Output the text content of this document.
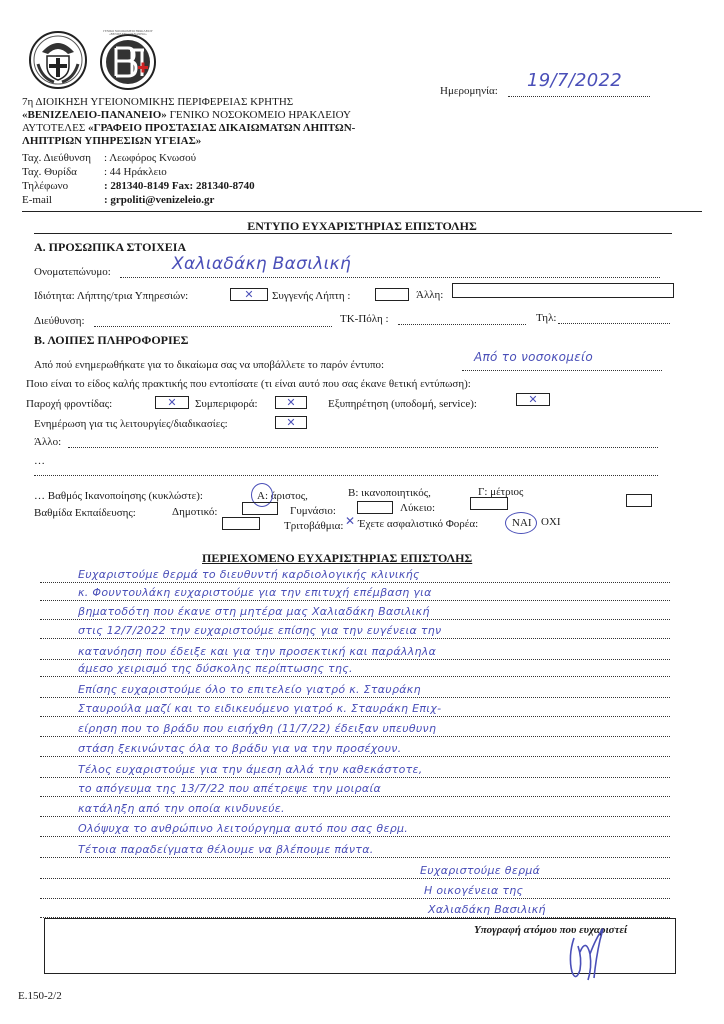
ΓΕΝΙΚΟ ΝΟΣΟΚΟΜΕΙΟ ΗΡΑΚΛΕΙΟΥ «ΒΕΝΙΖΕΛΕΙΟ-ΠΑΝΑΝΕΙΟ»
Ημερομηνία: 19/7/2022
7η ΔΙΟΙΚΗΣΗ ΥΓΕΙΟΝΟΜΙΚΗΣ ΠΕΡΙΦΕΡΕΙΑΣ ΚΡΗΤΗΣ
«ΒΕΝΙΖΕΛΕΙΟ-ΠΑΝΑΝΕΙΟ» ΓΕΝΙΚΟ ΝΟΣΟΚΟΜΕΙΟ ΗΡΑΚΛΕΙΟΥ
ΑΥΤΟΤΕΛΕΣ «ΓΡΑΦΕΙΟ ΠΡΟΣΤΑΣΙΑΣ ΔΙΚΑΙΩΜΑΤΩΝ ΛΗΠΤΩΝ-
ΛΗΠΤΡΙΩΝ ΥΠΗΡΕΣΙΩΝ ΥΓΕΙΑΣ»
Ταχ. Διεύθυνση : Λεωφόρος Κνωσού
Ταχ. Θυρίδα : 44 Ηράκλειο
Τηλέφωνο	: 281340-8149 Fax: 281340-8740
E-mail	: grpoliti@venizeleio.gr
ΕΝΤΥΠΟ ΕΥΧΑΡΙΣΤΗΡΙΑΣ ΕΠΙΣΤΟΛΗΣ
Α. ΠΡΟΣΩΠΙΚΑ ΣΤΟΙΧΕΙΑ
Ονοματεπώνυμο:	Χαλιαδάκη Βασιλική
Ιδιότητα: Λήπτης/τρια Υπηρεσιών:	✕	Συγγενής Λήπτη :	Άλλη:
Διεύθυνση:	ΤΚ-Πόλη :	Τηλ:
Β. ΛΟΙΠΕΣ ΠΛΗΡΟΦΟΡΙΕΣ
Από πού ενημερωθήκατε για το δικαίωμα σας να υποβάλλετε το παρόν έντυπο:
Από το νοσοκομείο
Ποιο είναι το είδος καλής πρακτικής που εντοπίσατε (τι είναι αυτό που σας έκανε θετική εντύπωση):
Παροχή φροντίδας:	✕	Συμπεριφορά:	✕	Εξυπηρέτηση (υποδομή, service):	✕
Ενημέρωση για τις λειτουργίες/διαδικασίες:	✕
Άλλο:
…
… Βαθμός Ικανοποίησης (κυκλώστε):	Α: άριστος,	Β: ικανοποιητικός,	Γ: μέτριος
Βαθμίδα Εκπαίδευσης:	Δημοτικό:	Γυμνάσιο:	Λύκειο:
Τριτοβάθμια: ✕ Έχετε ασφαλιστικό Φορέα:	ΝΑΙ ΟΧΙ
ΠΕΡΙΕΧΟΜΕΝΟ ΕΥΧΑΡΙΣΤΗΡΙΑΣ ΕΠΙΣΤΟΛΗΣ
Ευχαριστούμε θερμά το διευθυντή καρδιολογικής κλινικής
κ. Φουντουλάκη ευχαριστούμε για την επιτυχή επέμβαση για
βηματοδότη που έκανε στη μητέρα μας Χαλιαδάκη Βασιλική
στις 12/7/2022 την ευχαριστούμε επίσης για την ευγένεια την
κατανόηση που έδειξε και για την προσεκτική και παράλληλα
άμεσο χειρισμό της δύσκολης περίπτωσης της.
Επίσης ευχαριστούμε όλο το επιτελείο γιατρό κ. Σταυράκη
Σταυρούλα μαζί και το ειδικευόμενο γιατρό κ. Σταυράκη Επιχ-
είρηση που το βράδυ που εισήχθη (11/7/22) έδειξαν υπευθυνη
στάση ξεκινώντας όλα το βράδυ για να την προσέχουν.
Τέλος ευχαριστούμε για την άμεση αλλά την καθεκάστοτε,
το απόγευμα της 13/7/22 που απέτρεψε την μοιραία
κατάληξη από την οποία κινδυνεύε.
Ολόψυχα το ανθρώπινο λειτούργημα αυτό που σας θερμ.
Τέτοια παραδείγματα θέλουμε να βλέπουμε πάντα.
Ευχαριστούμε θερμά
Η οικογένεια της
Χαλιαδάκη Βασιλική
Υπογραφή ατόμου που ευχαριστεί
Ε.150-2/2
